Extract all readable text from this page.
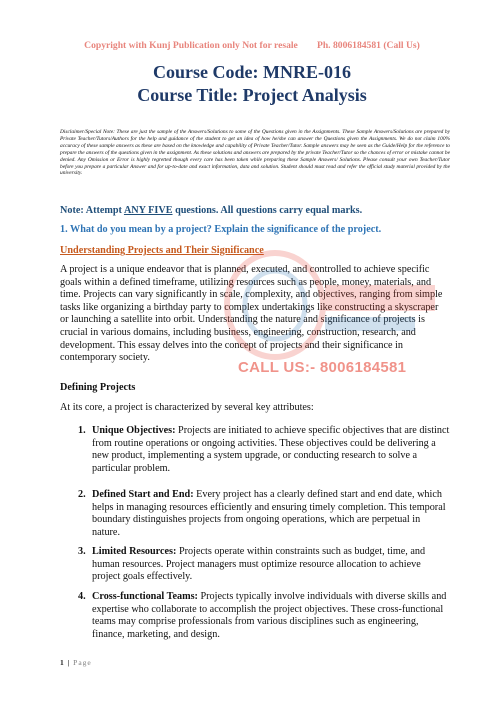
Copyright with Kunj Publication only Not for resale        Ph. 8006184581 (Call Us)
Course Code: MNRE-016
Course Title: Project Analysis
Disclaimer/Special Note: These are just the sample of the Answers/Solutions to some of the Questions given in the Assignments. These Sample Answers/Solutions are prepared by Private Teacher/Tutors/Authors for the help and guidance of the student to get an idea of how he/she can answer the Questions given the Assignments. We do not claim 100% accuracy of these sample answers as these are based on the knowledge and capability of Private Teacher/Tutor. Sample answers may be seen as the Guide/Help for the reference to prepare the answers of the questions given in the assignment. As these solutions and answers are prepared by the private Teacher/Tutor so the chances of error or mistake cannot be denied. Any Omission or Error is highly regretted though every care has been taken while preparing these Sample Answers/ Solutions. Please consult your own Teacher/Tutor before you prepare a particular Answer and for up-to-date and exact information, data and solution. Student should must read and refer the official study material provided by the university.
Note: Attempt ANY FIVE questions. All questions carry equal marks.
1. What do you mean by a project? Explain the significance of the project.
Understanding Projects and Their Significance
A project is a unique endeavor that is planned, executed, and controlled to achieve specific goals within a defined timeframe, utilizing resources such as people, money, materials, and time. Projects can vary significantly in scale, complexity, and objectives, ranging from simple tasks like organizing a birthday party to complex undertakings like constructing a skyscraper or launching a satellite into orbit. Understanding the nature and significance of projects is crucial in various domains, including business, engineering, construction, research, and development. This essay delves into the concept of projects and their significance in contemporary society.
CALL US:- 8006184581
Defining Projects
At its core, a project is characterized by several key attributes:
1. Unique Objectives: Projects are initiated to achieve specific objectives that are distinct from routine operations or ongoing activities. These objectives could be delivering a new product, implementing a system upgrade, or conducting research to solve a particular problem.
2. Defined Start and End: Every project has a clearly defined start and end date, which helps in managing resources efficiently and ensuring timely completion. This temporal boundary distinguishes projects from ongoing operations, which are perpetual in nature.
3. Limited Resources: Projects operate within constraints such as budget, time, and human resources. Project managers must optimize resource allocation to achieve project goals effectively.
4. Cross-functional Teams: Projects typically involve individuals with diverse skills and expertise who collaborate to accomplish the project objectives. These cross-functional teams may comprise professionals from various disciplines such as engineering, finance, marketing, and design.
1 | Page
